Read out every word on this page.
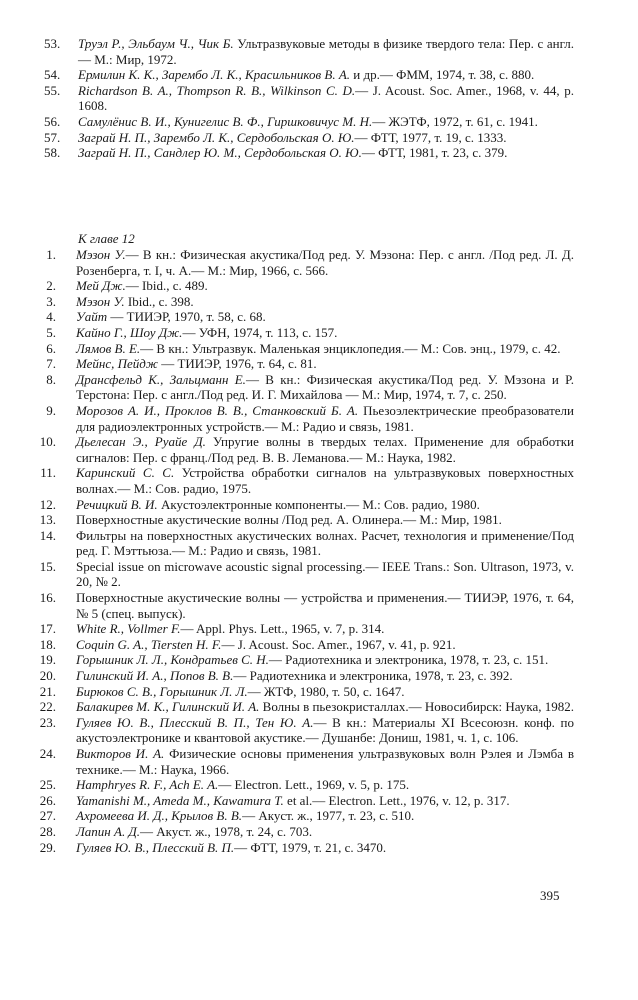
53.	Труэл Р., Эльбаум Ч., Чик Б. Ультразвуковые методы в физике твердого тела: Пер. с англ.— М.: Мир, 1972.
54.	Ермилин К. К., Зарембо Л. К., Красильников В. А. и др.— ФММ, 1974, т. 38, с. 880.
55.	Richardson B. A., Thompson R. B., Wilkinson C. D.— J. Acoust. Soc. Amer., 1968, v. 44, p. 1608.
56.	Самулёнис В. И., Кунигелис В. Ф., Гиршковичус М. Н.— ЖЭТФ, 1972, т. 61, с. 1941.
57.	Заграй Н. П., Зарембо Л. К., Сердобольская О. Ю.— ФТТ, 1977, т. 19, с. 1333.
58.	Заграй Н. П., Сандлер Ю. М., Сердобольская О. Ю.— ФТТ, 1981, т. 23, с. 379.
К главе 12
1. Мэзон У.— В кн.: Физическая акустика/Под ред. У. Мэзона: Пер. с англ. /Под ред. Л. Д. Розенберга, т. I, ч. А.— М.: Мир, 1966, с. 566.
2. Мей Дж.— Ibid., с. 489.
3. Мэзон У. Ibid., с. 398.
4. Уайт — ТИИЭР, 1970, т. 58, с. 68.
5. Кайно Г., Шоу Дж.— УФН, 1974, т. 113, с. 157.
6. Лямов В. Е.— В кн.: Ультразвук. Маленькая энциклопедия.— М.: Сов. энц., 1979, с. 42.
7. Мейнс, Пейдж — ТИИЭР, 1976, т. 64, с. 81.
8. Дрансфельд К., Зальцманн Е.— В кн.: Физическая акустика/Под ред. У. Мэзона и Р. Терстона: Пер. с англ./Под ред. И. Г. Михайлова — М.: Мир, 1974, т. 7, с. 250.
9. Морозов А. И., Проклов В. В., Станковский Б. А. Пьезоэлектрические преобразователи для радиоэлектронных устройств.— М.: Радио и связь, 1981.
10. Дьелесан Э., Руайе Д. Упругие волны в твердых телах. Применение для обработки сигналов: Пер. с франц./Под ред. В. В. Леманова.— М.: Наука, 1982.
11. Каринский С. С. Устройства обработки сигналов на ультразвуковых поверхностных волнах.— М.: Сов. радио, 1975.
12. Речицкий В. И. Акустоэлектронные компоненты.— М.: Сов. радио, 1980.
13. Поверхностные акустические волны /Под ред. А. Олинера.— М.: Мир, 1981.
14. Фильтры на поверхностных акустических волнах. Расчет, технология и применение/Под ред. Г. Мэттьюза.— М.: Радио и связь, 1981.
15. Special issue on microwave acoustic signal processing.— IEEE Trans.: Son. Ultrason, 1973, v. 20, № 2.
16. Поверхностные акустические волны — устройства и применения.— ТИИЭР, 1976, т. 64, № 5 (спец. выпуск).
17. White R., Vollmer F.— Appl. Phys. Lett., 1965, v. 7, p. 314.
18. Coquin G. A., Tiersten H. F.— J. Acoust. Soc. Amer., 1967, v. 41, p. 921.
19. Горышник Л. Л., Кондратьев С. Н.— Радиотехника и электроника, 1978, т. 23, с. 151.
20. Гилинский И. А., Попов В. В.— Радиотехника и электроника, 1978, т. 23, с. 392.
21. Бирюков С. В., Горышник Л. Л.— ЖТФ, 1980, т. 50, с. 1647.
22. Балакирев М. К., Гилинский И. А. Волны в пьезокристаллах.— Новосибирск: Наука, 1982.
23. Гуляев Ю. В., Плесский В. П., Тен Ю. А.— В кн.: Материалы XI Всесоюзн. конф. по акустоэлектронике и квантовой акустике.— Душанбе: Дониш, 1981, ч. 1, с. 106.
24. Викторов И. А. Физические основы применения ультразвуковых волн Рэлея и Лэмба в технике.— М.: Наука, 1966.
25. Hamphryes R. F., Ach E. A.— Electron. Lett., 1969, v. 5, p. 175.
26. Yamanishi M., Ameda M., Kawamura T. et al.— Electron. Lett., 1976, v. 12, p. 317.
27. Ахромеева И. Д., Крылов В. В.— Акуст. ж., 1977, т. 23, с. 510.
28. Лапин А. Д.— Акуст. ж., 1978, т. 24, с. 703.
29. Гуляев Ю. В., Плесский В. П.— ФТТ, 1979, т. 21, с. 3470.
395
